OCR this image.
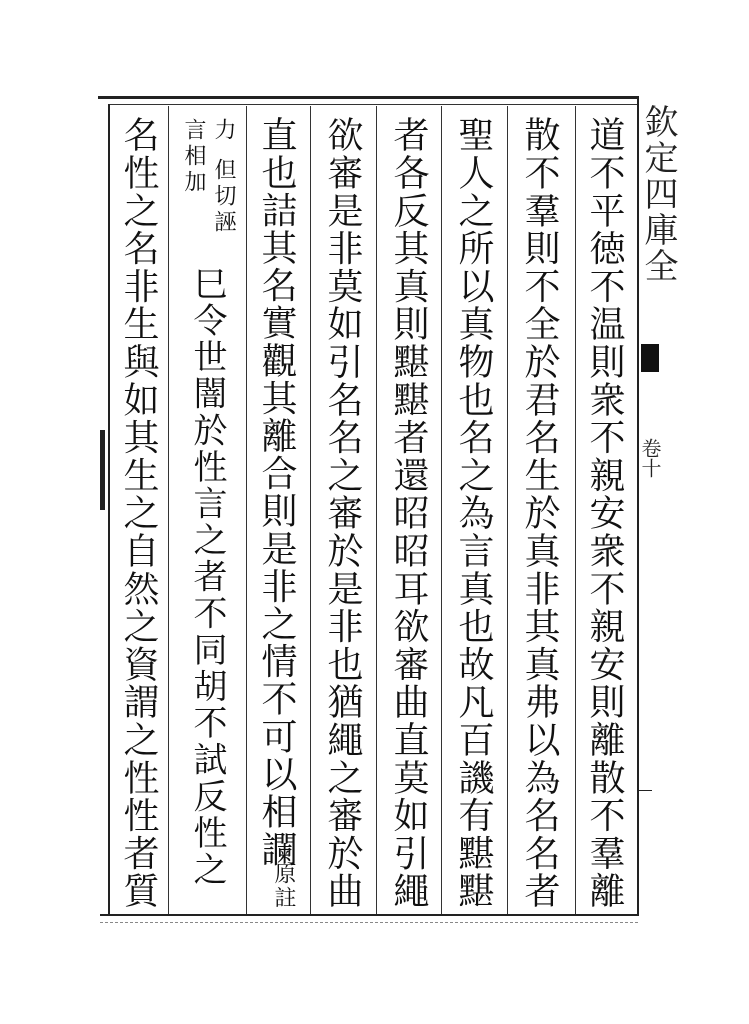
欽定四庫全
卷十
道不平徳不温則衆不親安衆不親安則離散不羣離
散不羣則不全於君名生於真非其真弗以為名名者
聖人之所以真物也名之為言真也故凡百譏有黮黮
者各反其真則黮黮者還昭昭耳欲審曲直莫如引繩
欲審是非莫如引名名之審於是非也猶繩之審於曲
直也詰其名實觀其離合則是非之情不可以相讕
原註
力
但切誣
言相加
巳令世闇於性言之者不同胡不試反性之
名性之名非生與如其生之自然之資謂之性性者質
